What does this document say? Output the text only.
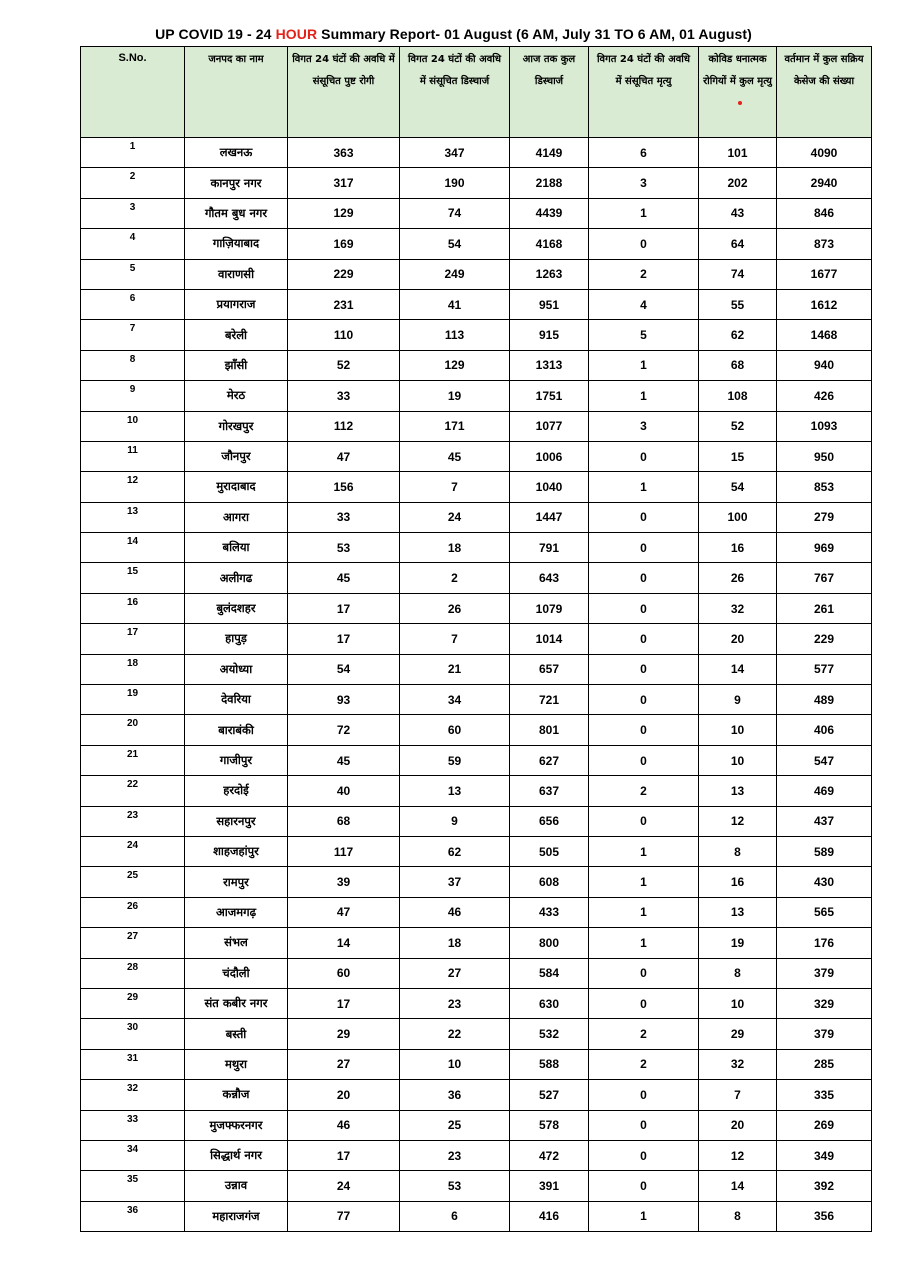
UP COVID 19 - 24 HOUR Summary Report- 01 August (6 AM, July 31 TO 6 AM, 01 August)
S.No.	जनपद का नाम	विगत 24 घंटों की अवधि में संसूचित पुष्ट रोगी	विगत 24 घंटों की अवधि में संसूचित डिस्चार्ज	आज तक कुल डिस्चार्ज	विगत 24 घंटों की अवधि में संसूचित मृत्यु	कोविड धनात्मक रोगियों में कुल मृत्यु	वर्तमान में कुल सक्रिय केसेज की संख्या
1	लखनऊ	363	347	4149	6	101	4090
2	कानपुर नगर	317	190	2188	3	202	2940
3	गौतम बुध नगर	129	74	4439	1	43	846
4	गाज़ियाबाद	169	54	4168	0	64	873
5	वाराणसी	229	249	1263	2	74	1677
6	प्रयागराज	231	41	951	4	55	1612
7	बरेली	110	113	915	5	62	1468
8	झाँसी	52	129	1313	1	68	940
9	मेरठ	33	19	1751	1	108	426
10	गोरखपुर	112	171	1077	3	52	1093
11	जौनपुर	47	45	1006	0	15	950
12	मुरादाबाद	156	7	1040	1	54	853
13	आगरा	33	24	1447	0	100	279
14	बलिया	53	18	791	0	16	969
15	अलीगढ	45	2	643	0	26	767
16	बुलंदशहर	17	26	1079	0	32	261
17	हापुड़	17	7	1014	0	20	229
18	अयोध्या	54	21	657	0	14	577
19	देवरिया	93	34	721	0	9	489
20	बाराबंकी	72	60	801	0	10	406
21	गाजीपुर	45	59	627	0	10	547
22	हरदोई	40	13	637	2	13	469
23	सहारनपुर	68	9	656	0	12	437
24	शाहजहांपुर	117	62	505	1	8	589
25	रामपुर	39	37	608	1	16	430
26	आजमगढ़	47	46	433	1	13	565
27	संभल	14	18	800	1	19	176
28	चंदौली	60	27	584	0	8	379
29	संत कबीर नगर	17	23	630	0	10	329
30	बस्ती	29	22	532	2	29	379
31	मथुरा	27	10	588	2	32	285
32	कन्नौज	20	36	527	0	7	335
33	मुजफ्फरनगर	46	25	578	0	20	269
34	सिद्धार्थ नगर	17	23	472	0	12	349
35	उन्नाव	24	53	391	0	14	392
36	महाराजगंज	77	6	416	1	8	356
